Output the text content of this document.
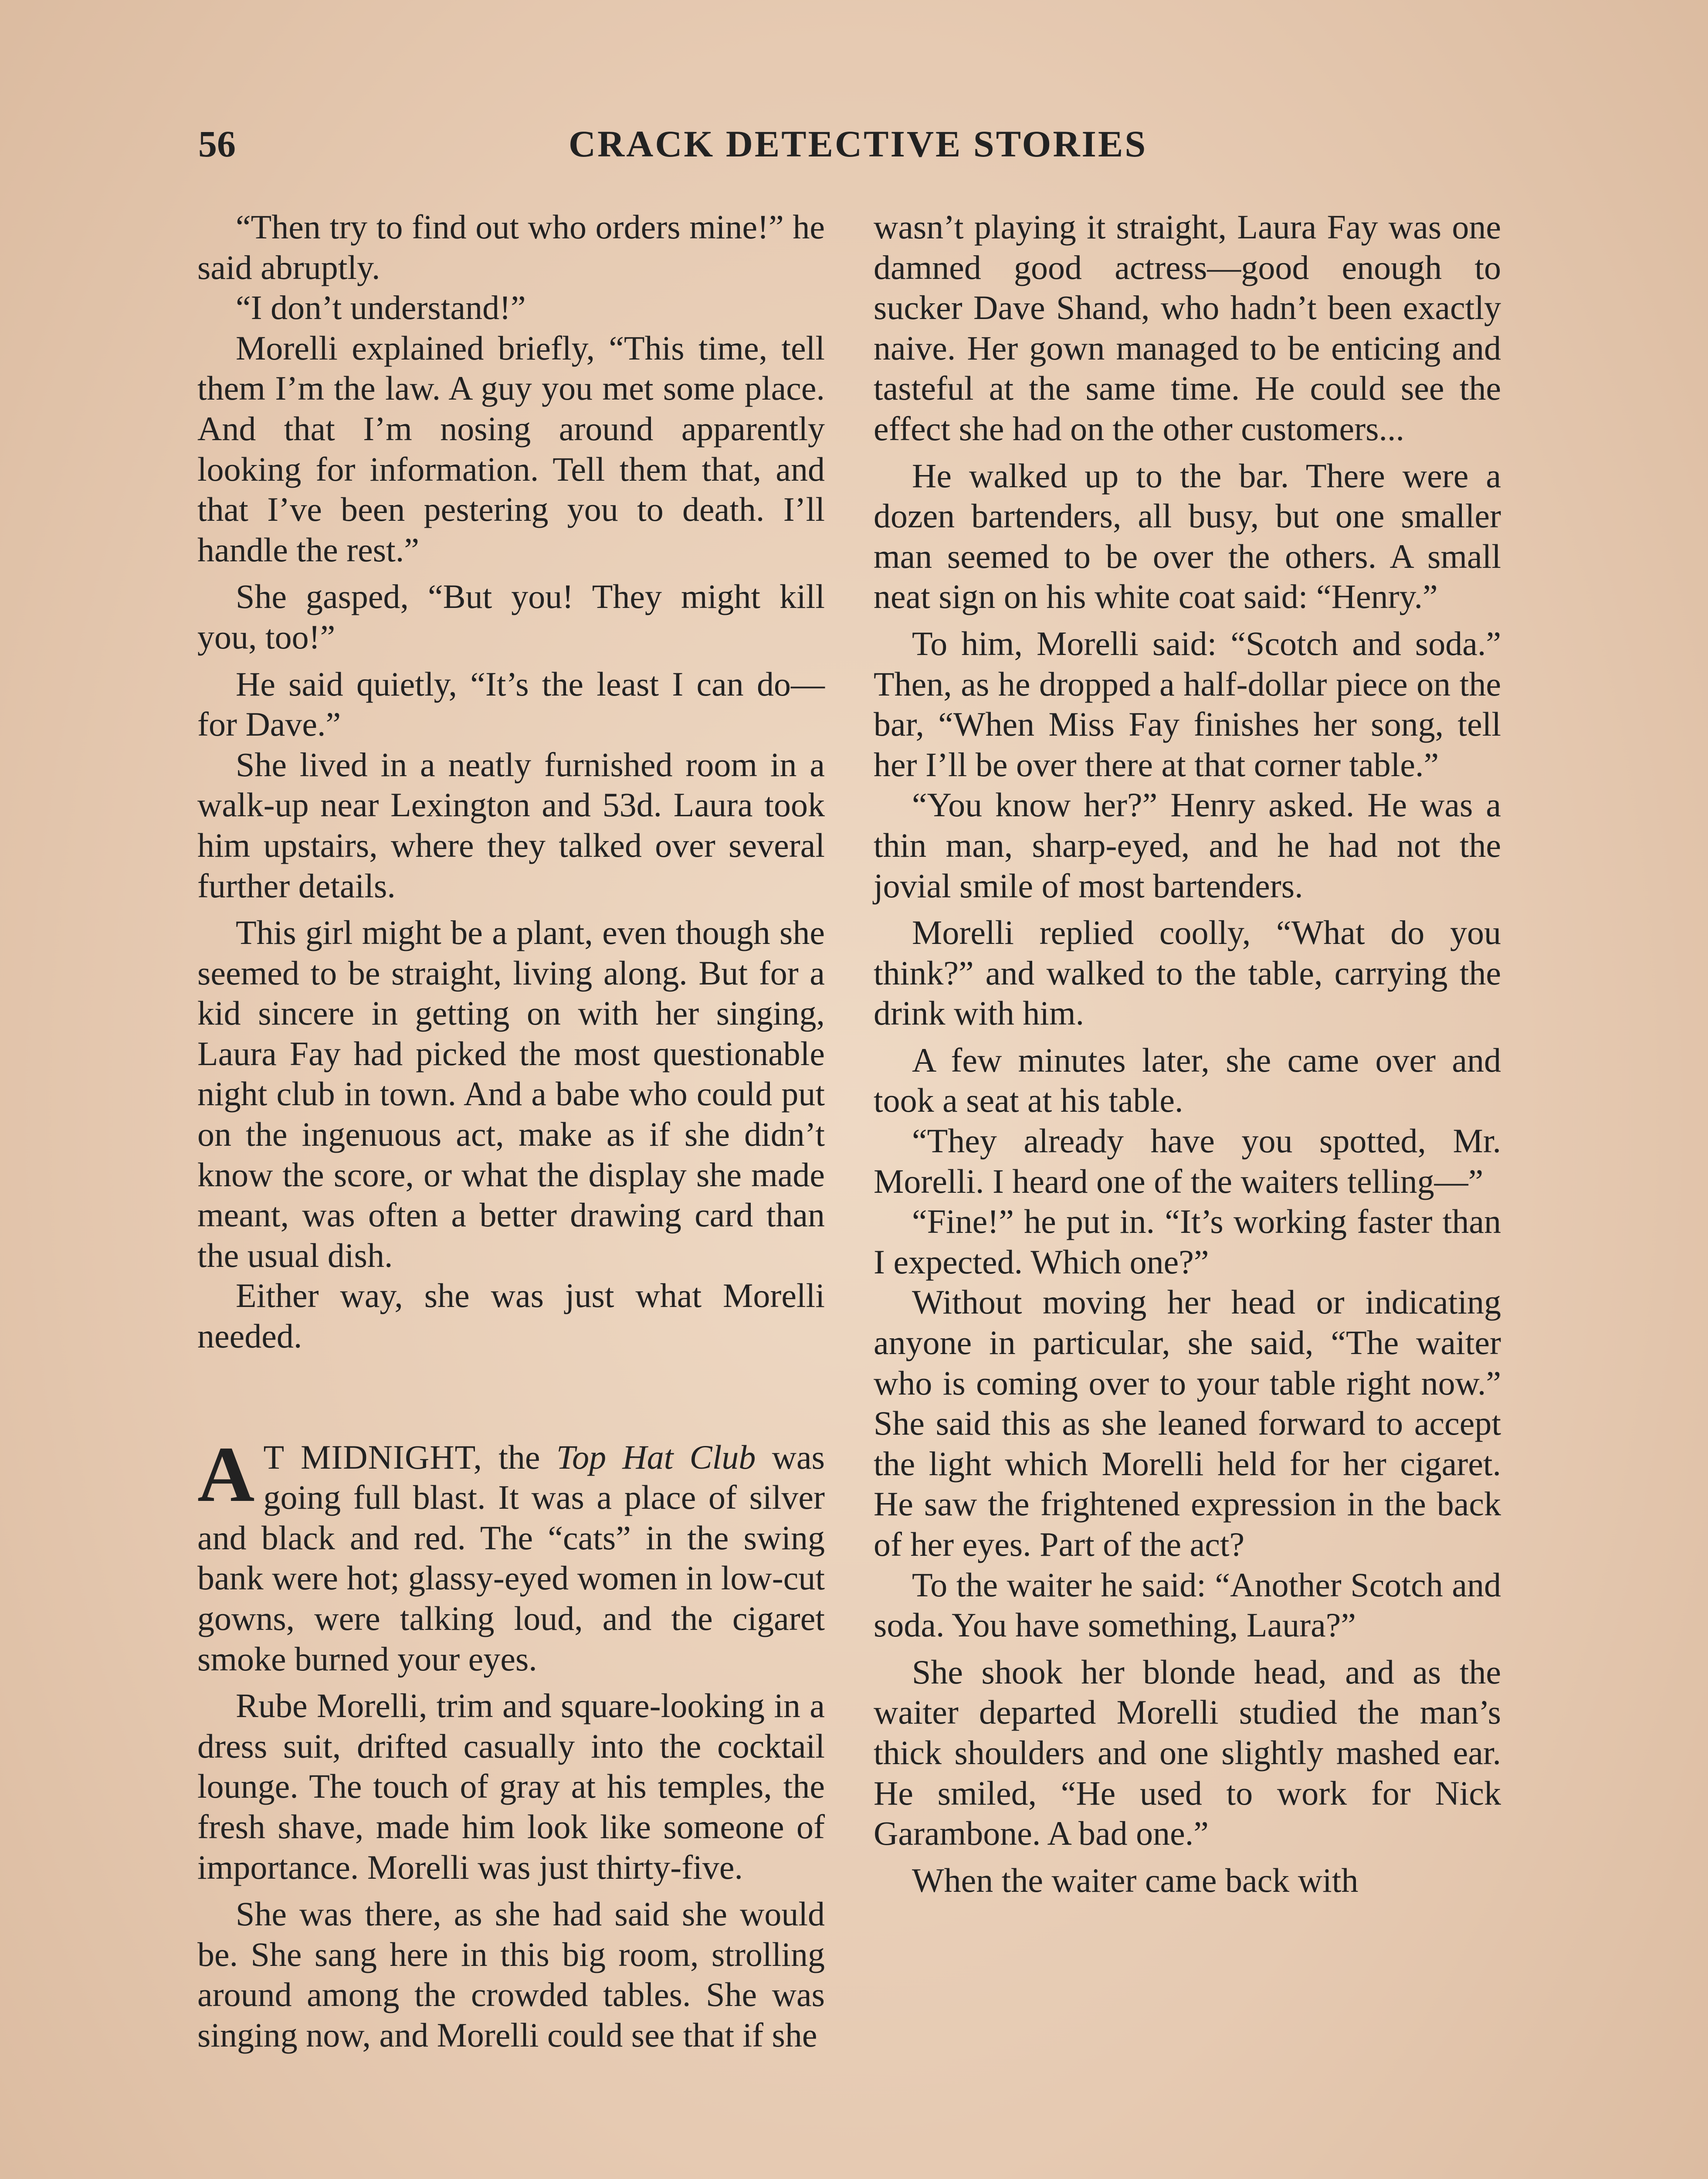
56	CRACK DETECTIVE STORIES

“Then try to find out who orders mine!” he said abruptly.

“I don’t understand!”

Morelli explained briefly, “This time, tell them I’m the law. A guy you met some place. And that I’m nosing around apparently looking for information. Tell them that, and that I’ve been pestering you to death. I’ll handle the rest.”

She gasped, “But you! They might kill you, too!”

He said quietly, “It’s the least I can do—for Dave.”

She lived in a neatly furnished room in a walk-up near Lexington and 53d. Laura took him upstairs, where they talked over several further details.

This girl might be a plant, even though she seemed to be straight, living along. But for a kid sincere in getting on with her singing, Laura Fay had picked the most questionable night club in town. And a babe who could put on the ingenuous act, make as if she didn’t know the score, or what the display she made meant, was often a better drawing card than the usual dish.

Either way, she was just what Morelli needed.

A T MIDNIGHT, the Top Hat Club was going full blast. It was a place of silver and black and red. The “cats” in the swing bank were hot; glassy-eyed women in low-cut gowns, were talking loud, and the cigaret smoke burned your eyes.

Rube Morelli, trim and square-looking in a dress suit, drifted casually into the cocktail lounge. The touch of gray at his temples, the fresh shave, made him look like someone of importance. Morelli was just thirty-five.

She was there, as she had said she would be. She sang here in this big room, strolling around among the crowded tables. She was singing now, and Morelli could see that if she

wasn’t playing it straight, Laura Fay was one damned good actress—good enough to sucker Dave Shand, who hadn’t been exactly naive. Her gown managed to be enticing and tasteful at the same time. He could see the effect she had on the other customers...

He walked up to the bar. There were a dozen bartenders, all busy, but one smaller man seemed to be over the others. A small neat sign on his white coat said: “Henry.”

To him, Morelli said: “Scotch and soda.” Then, as he dropped a half-dollar piece on the bar, “When Miss Fay finishes her song, tell her I’ll be over there at that corner table.”

“You know her?” Henry asked. He was a thin man, sharp-eyed, and he had not the jovial smile of most bartenders.

Morelli replied coolly, “What do you think?” and walked to the table, carrying the drink with him.

A few minutes later, she came over and took a seat at his table.

“They already have you spotted, Mr. Morelli. I heard one of the waiters telling—”

“Fine!” he put in. “It’s working faster than I expected. Which one?”

Without moving her head or indicating anyone in particular, she said, “The waiter who is coming over to your table right now.” She said this as she leaned forward to accept the light which Morelli held for her cigaret. He saw the frightened expression in the back of her eyes. Part of the act?

To the waiter he said: “Another Scotch and soda. You have something, Laura?”

She shook her blonde head, and as the waiter departed Morelli studied the man’s thick shoulders and one slightly mashed ear. He smiled, “He used to work for Nick Garambone. A bad one.”

When the waiter came back with
